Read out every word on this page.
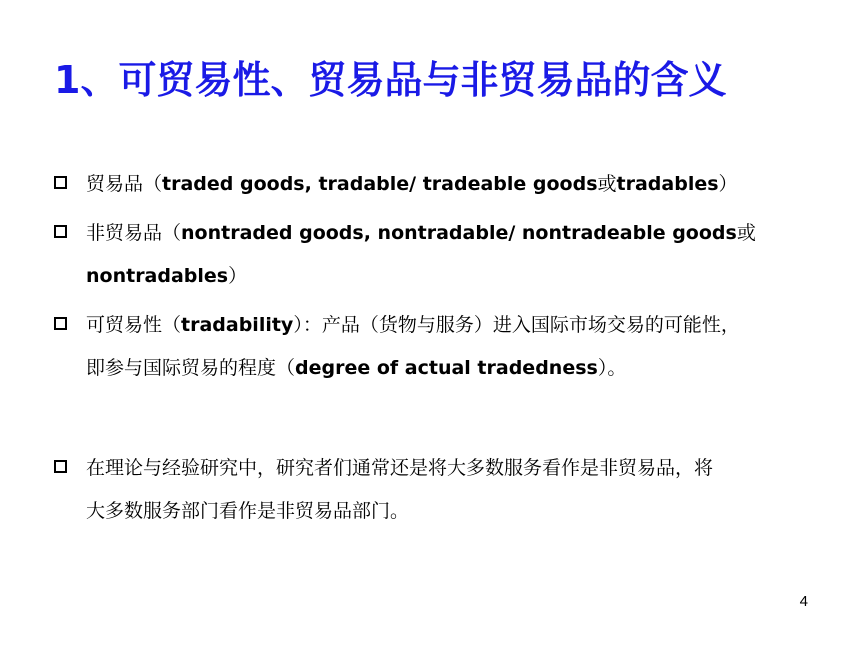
1、可贸易性、贸易品与非贸易品的含义
贸易品（traded goods, tradable/ tradeable goods或tradables）
非贸易品（nontraded goods, nontradable/ nontradeable goods或
nontradables）
可贸易性（tradability）：产品（货物与服务）进入国际市场交易的可能性，
即参与国际贸易的程度（degree of actual tradedness）。
在理论与经验研究中，研究者们通常还是将大多数服务看作是非贸易品，将
大多数服务部门看作是非贸易品部门。
4
